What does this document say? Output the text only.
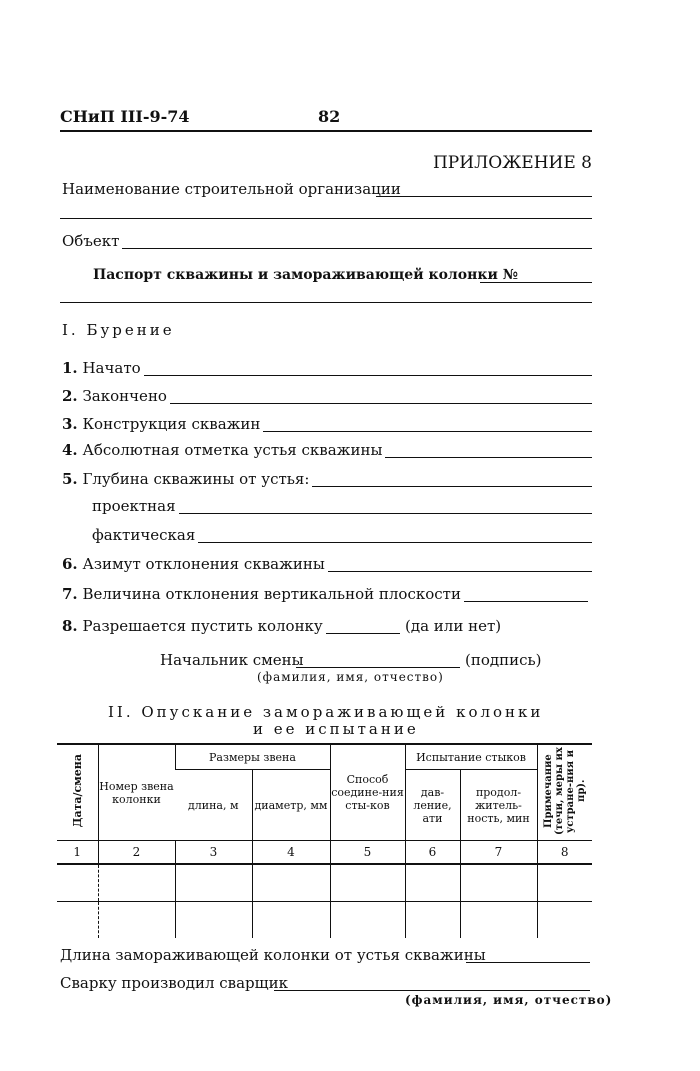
СНиП III-9-74	82
ПРИЛОЖЕНИЕ 8
Наименование строительной организации
Объект
Паспорт скважины и замораживающей колонки №
I. Бурение
1. Начато
2. Закончено
3. Конструкция скважин
4. Абсолютная отметка устья скважины
5. Глубина скважины от устья:
проектная
фактическая
6. Азимут отклонения скважины
7. Величина отклонения вертикальной плоскости
8. Разрешается пустить колонку	(да или нет)
Начальник смены	(подпись)
(фамилия, имя, отчество)
II. Опускание замораживающей колонки
и ее испытание
Дата/смена	Номер звена колонки	Размеры звена		Способ соедине-ния сты-ков	Испытание стыков		Примечание (течи, меры их устране-ния и пр).
		длина, м	диаметр, мм		дав-ление, ати	продол-житель-ность, мин	
1	2	3	4	5	6	7	8

Длина замораживающей колонки от устья скважины
Сварку производил сварщик
(фамилия, имя, отчество)
